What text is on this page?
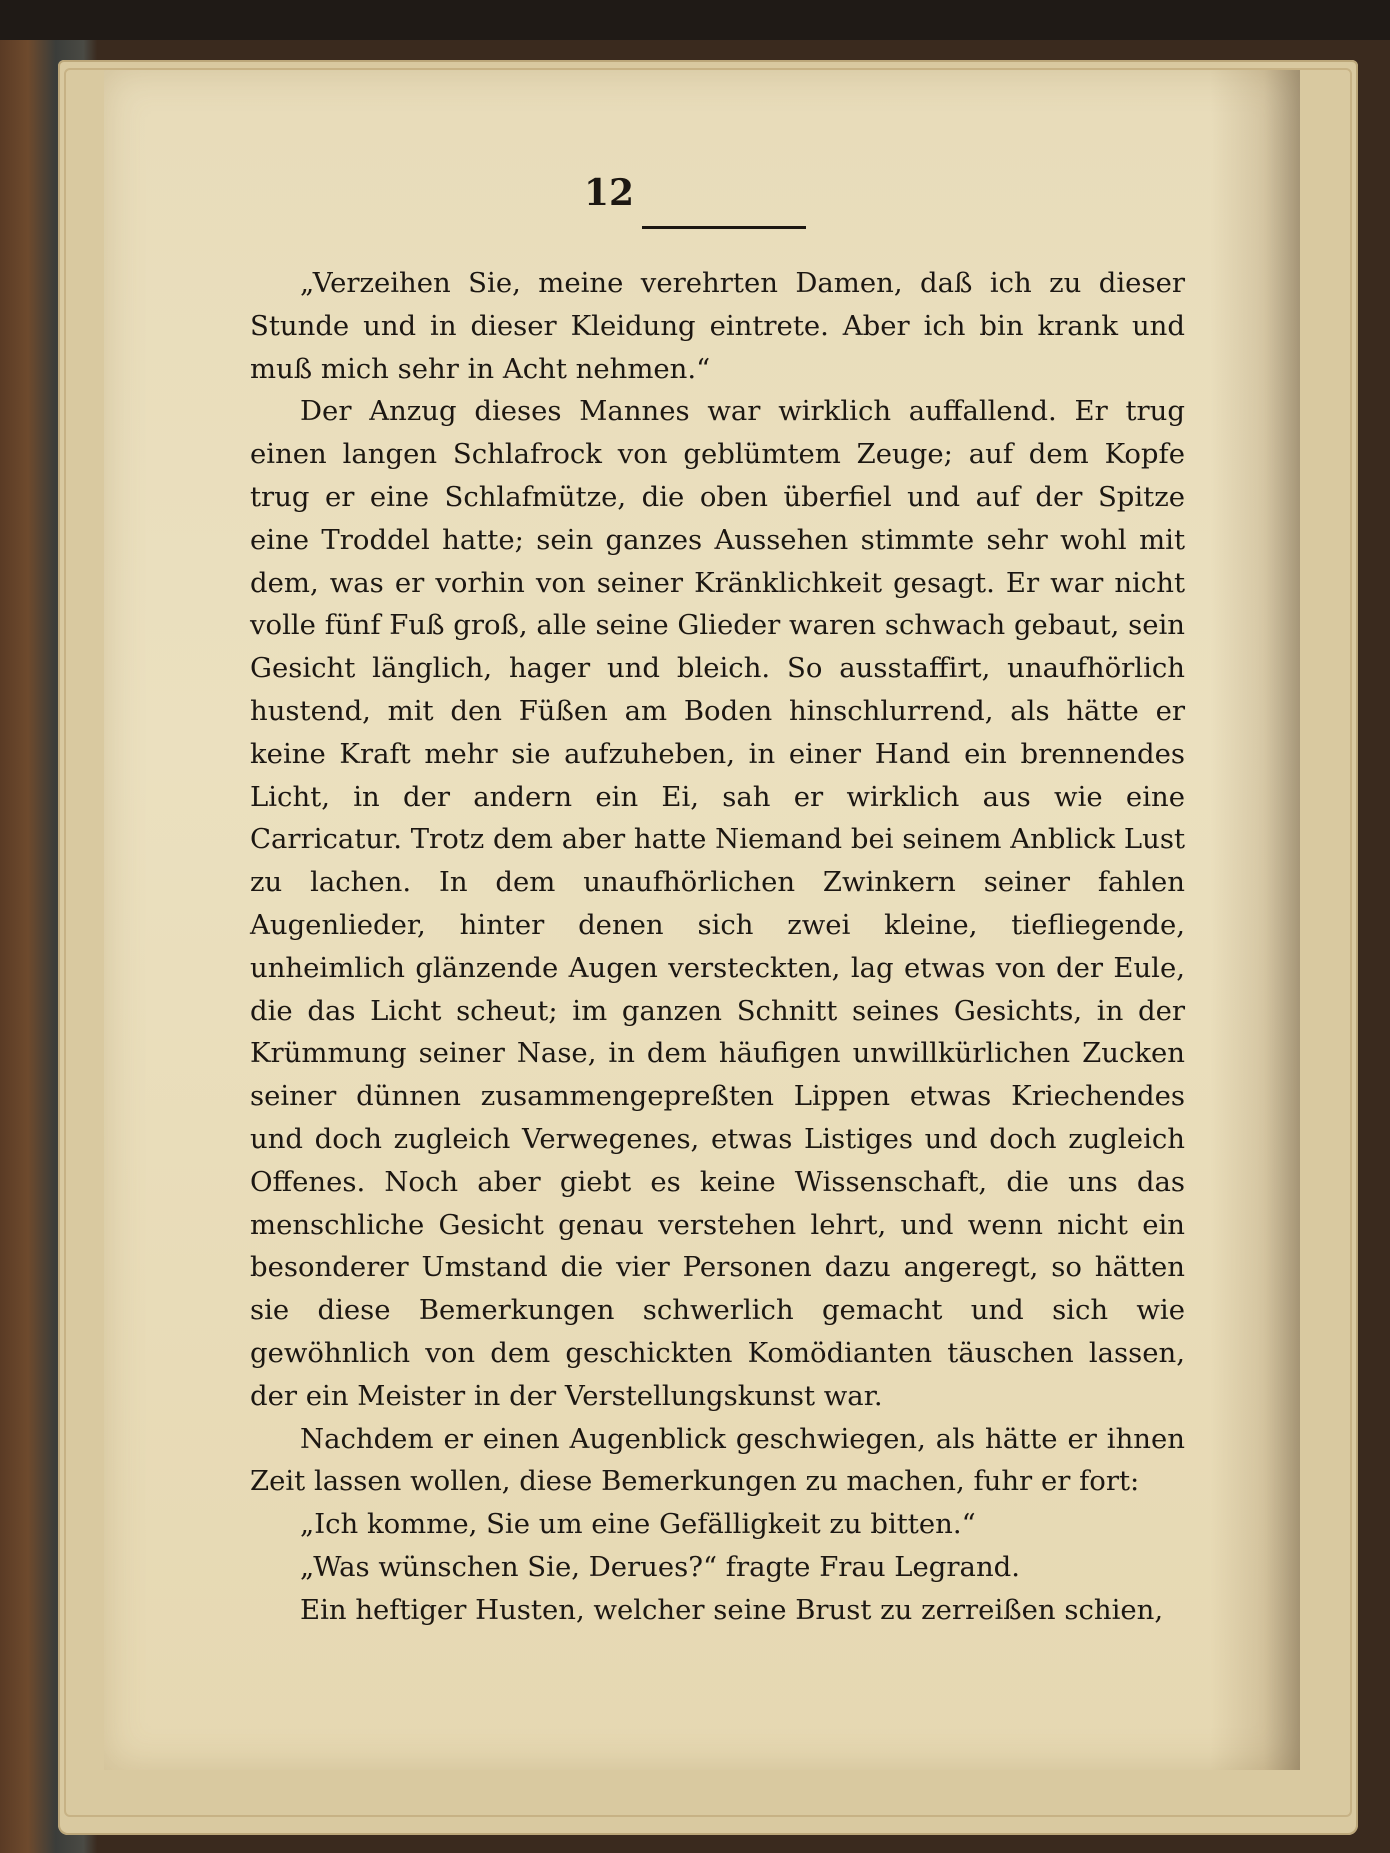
12

„Verzeihen Sie, meine verehrten Damen, daß ich zu dieser Stunde und in dieser Kleidung eintrete. Aber ich bin krank und muß mich sehr in Acht nehmen.“

Der Anzug dieses Mannes war wirklich auffallend. Er trug einen langen Schlafrock von geblümtem Zeuge; auf dem Kopfe trug er eine Schlafmütze, die oben überfiel und auf der Spitze eine Troddel hatte; sein ganzes Aussehen stimmte sehr wohl mit dem, was er vorhin von seiner Kränklichkeit gesagt. Er war nicht volle fünf Fuß groß, alle seine Glieder waren schwach gebaut, sein Gesicht länglich, hager und bleich. So ausstaffirt, unaufhörlich hustend, mit den Füßen am Boden hinschlurrend, als hätte er keine Kraft mehr sie aufzuheben, in einer Hand ein brennendes Licht, in der andern ein Ei, sah er wirklich aus wie eine Carricatur. Trotz dem aber hatte Niemand bei seinem Anblick Lust zu lachen. In dem unaufhörlichen Zwinkern seiner fahlen Augenlieder, hinter denen sich zwei kleine, tiefliegende, unheimlich glänzende Augen versteckten, lag etwas von der Eule, die das Licht scheut; im ganzen Schnitt seines Gesichts, in der Krümmung seiner Nase, in dem häufigen unwillkürlichen Zucken seiner dünnen zusammengepreßten Lippen etwas Kriechendes und doch zugleich Verwegenes, etwas Listiges und doch zugleich Offenes. Noch aber giebt es keine Wissenschaft, die uns das menschliche Gesicht genau verstehen lehrt, und wenn nicht ein besonderer Umstand die vier Personen dazu angeregt, so hätten sie diese Bemerkungen schwerlich gemacht und sich wie gewöhnlich von dem geschickten Komödianten täuschen lassen, der ein Meister in der Verstellungskunst war.

Nachdem er einen Augenblick geschwiegen, als hätte er ihnen Zeit lassen wollen, diese Bemerkungen zu machen, fuhr er fort:

„Ich komme, Sie um eine Gefälligkeit zu bitten.“

„Was wünschen Sie, Derues?“ fragte Frau Legrand.

Ein heftiger Husten, welcher seine Brust zu zerreißen schien,
